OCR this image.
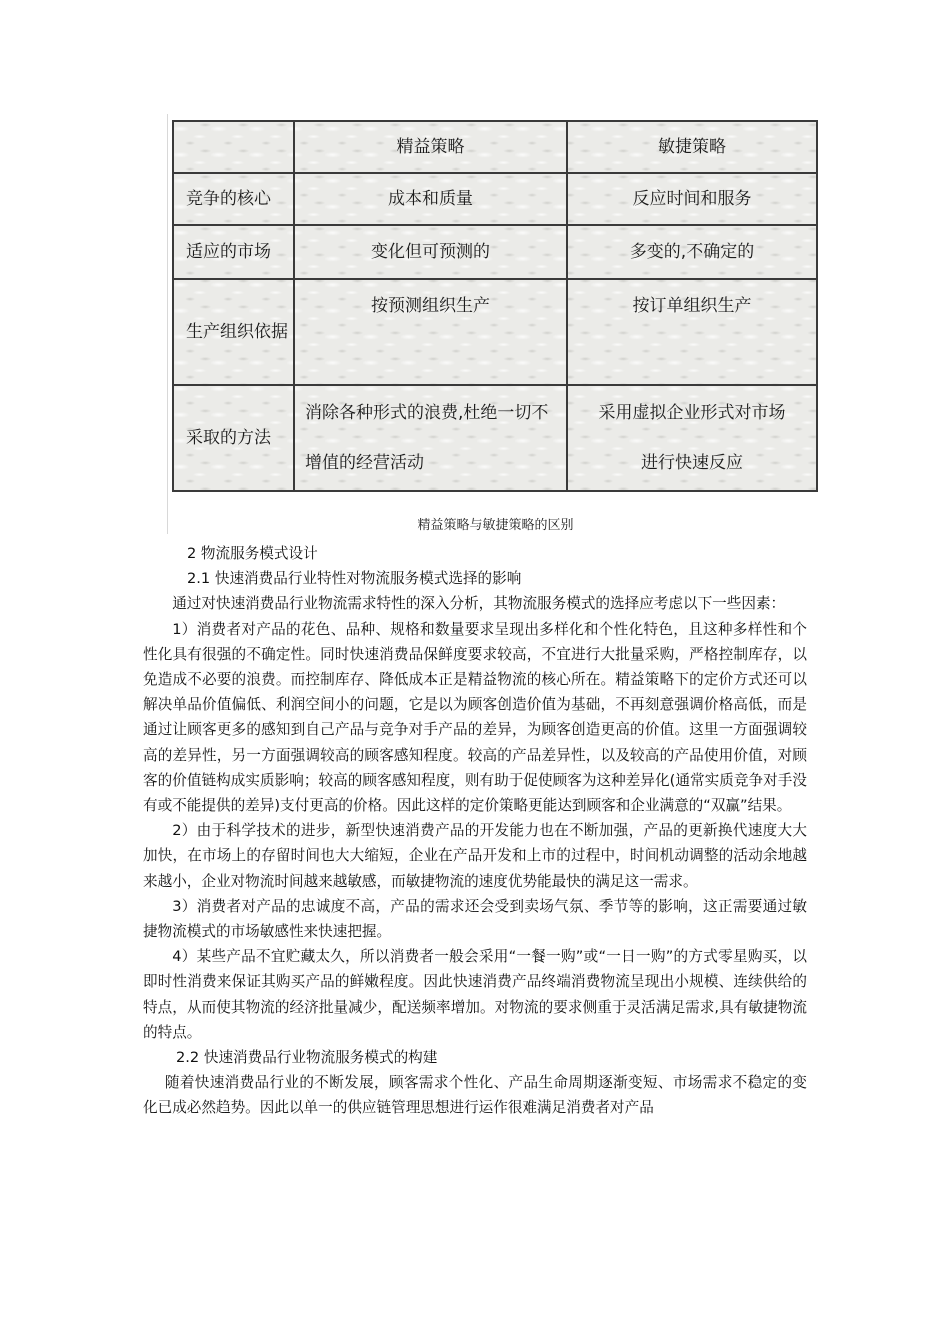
	精益策略	敏捷策略
竞争的核心	成本和质量	反应时间和服务
适应的市场	变化但可预测的	多变的,不确定的
生产组织依据	按预测组织生产	按订单组织生产
采取的方法	消除各种形式的浪费,杜绝一切不增值的经营活动	采用虚拟企业形式对市场进行快速反应
精益策略与敏捷策略的区别

2 物流服务模式设计

2.1 快速消费品行业特性对物流服务模式选择的影响

通过对快速消费品行业物流需求特性的深入分析，其物流服务模式的选择应考虑以下一些因素：

1）消费者对产品的花色、品种、规格和数量要求呈现出多样化和个性化特色，且这种多样性和个性化具有很强的不确定性。同时快速消费品保鲜度要求较高，不宜进行大批量采购，严格控制库存，以免造成不必要的浪费。而控制库存、降低成本正是精益物流的核心所在。精益策略下的定价方式还可以解决单品价值偏低、利润空间小的问题，它是以为顾客创造价值为基础，不再刻意强调价格高低，而是通过让顾客更多的感知到自己产品与竞争对手产品的差异，为顾客创造更高的价值。这里一方面强调较高的差异性，另一方面强调较高的顾客感知程度。较高的产品差异性，以及较高的产品使用价值，对顾客的价值链构成实质影响；较高的顾客感知程度，则有助于促使顾客为这种差异化(通常实质竞争对手没有或不能提供的差异)支付更高的价格。因此这样的定价策略更能达到顾客和企业满意的“双赢”结果。

2）由于科学技术的进步，新型快速消费产品的开发能力也在不断加强，产品的更新换代速度大大加快，在市场上的存留时间也大大缩短，企业在产品开发和上市的过程中，时间机动调整的活动余地越来越小，企业对物流时间越来越敏感，而敏捷物流的速度优势能最快的满足这一需求。

3）消费者对产品的忠诚度不高，产品的需求还会受到卖场气氛、季节等的影响，这正需要通过敏捷物流模式的市场敏感性来快速把握。

4）某些产品不宜贮藏太久，所以消费者一般会采用“一餐一购”或“一日一购”的方式零星购买，以即时性消费来保证其购买产品的鲜嫩程度。因此快速消费产品终端消费物流呈现出小规模、连续供给的特点，从而使其物流的经济批量减少，配送频率增加。对物流的要求侧重于灵活满足需求,具有敏捷物流的特点。

2.2 快速消费品行业物流服务模式的构建

随着快速消费品行业的不断发展，顾客需求个性化、产品生命周期逐渐变短、市场需求不稳定的变化已成必然趋势。因此以单一的供应链管理思想进行运作很难满足消费者对产品
